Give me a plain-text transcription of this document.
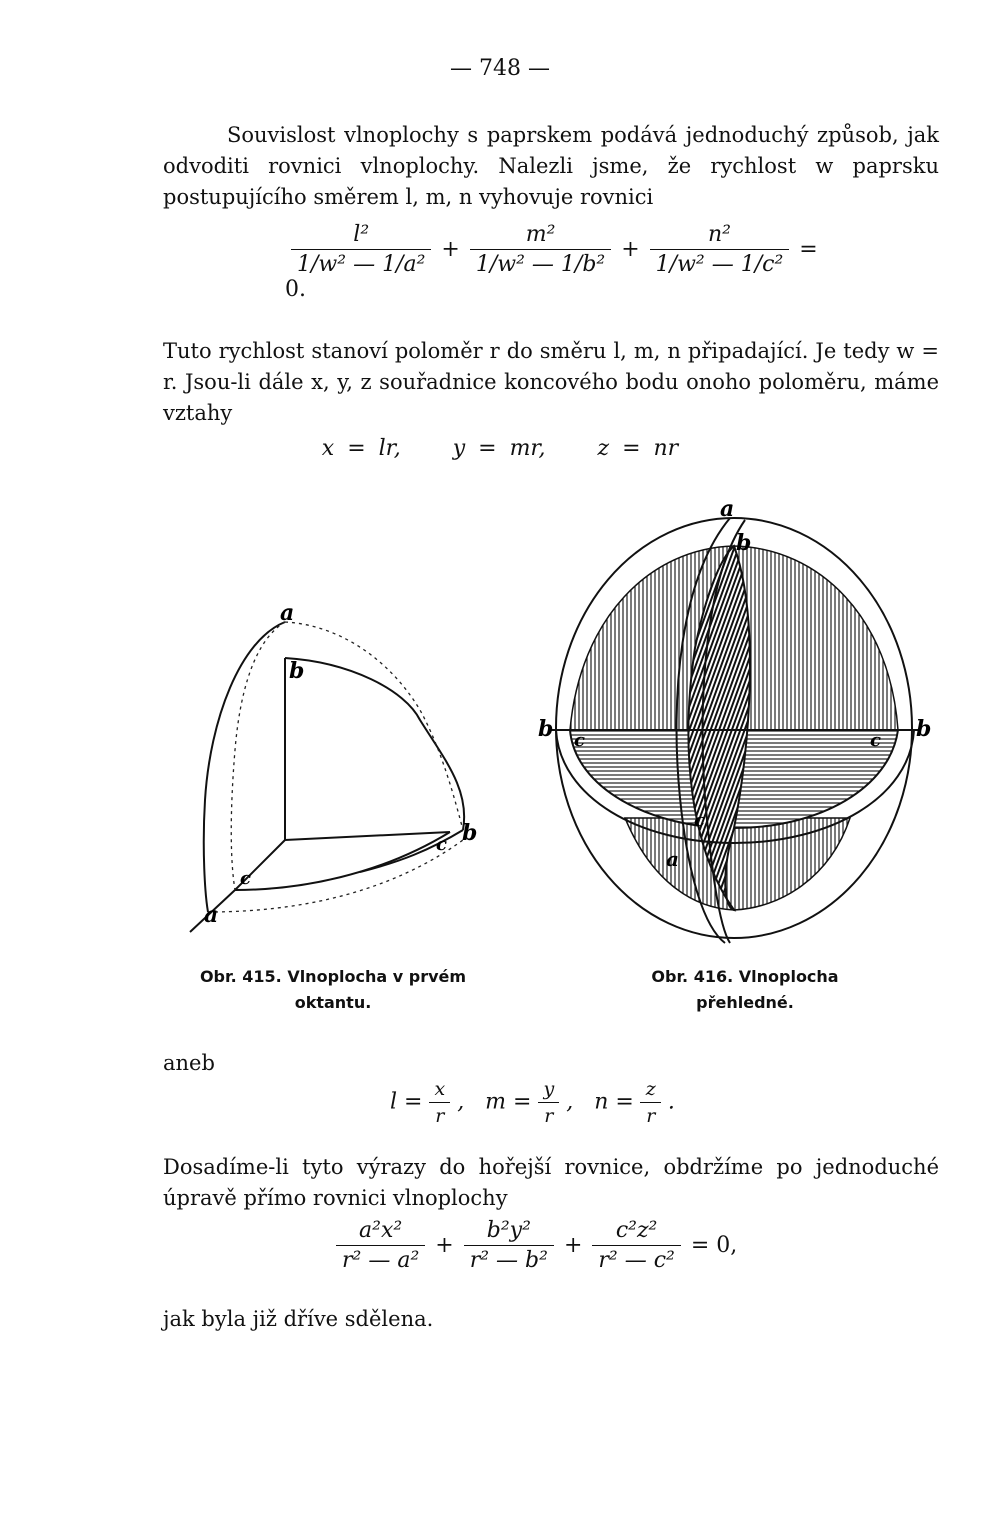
— 748 —
Souvislost vlnoplochy s paprskem podává jednoduchý způsob, jak odvoditi rovnici vlnoplochy. Nalezli jsme, že rychlost w paprsku postupujícího směrem l, m, n vyhovuje rovnici
$\frac{\text{l²}}{\text{1/w² — 1/a²}} + \frac{\text{m²}}{\text{1/w² — 1/b²}} + \frac{\text{n²}}{\text{1/w² — 1/c²}} = 0$.
Tuto rychlost stanoví poloměr r do směru l, m, n připadající. Je tedy w = r. Jsou-li dále x, y, z souřadnice koncového bodu onoho poloměru, máme vztahy
x = lr,    y = mr,    z = nr
a
b
b
c
c
a
Obr. 415. Vlnoplocha v prvém
oktantu.
a
b
b	b
c	c
c
a
Obr. 416. Vlnoplocha
přehledné.
aneb
$l = \frac{x}{r}$ , $m = \frac{y}{r}$ , $n = \frac{z}{r}$ .
Dosadíme-li tyto výrazy do hořejší rovnice, obdržíme po jednoduché úpravě přímo rovnici vlnoplochy
$\frac{\text{a²x²}}{\text{r² — a²}} + \frac{\text{b²y²}}{\text{r² — b²}} + \frac{\text{c²z²}}{\text{r² — c²}} = 0$,
jak byla již dříve sdělena.
